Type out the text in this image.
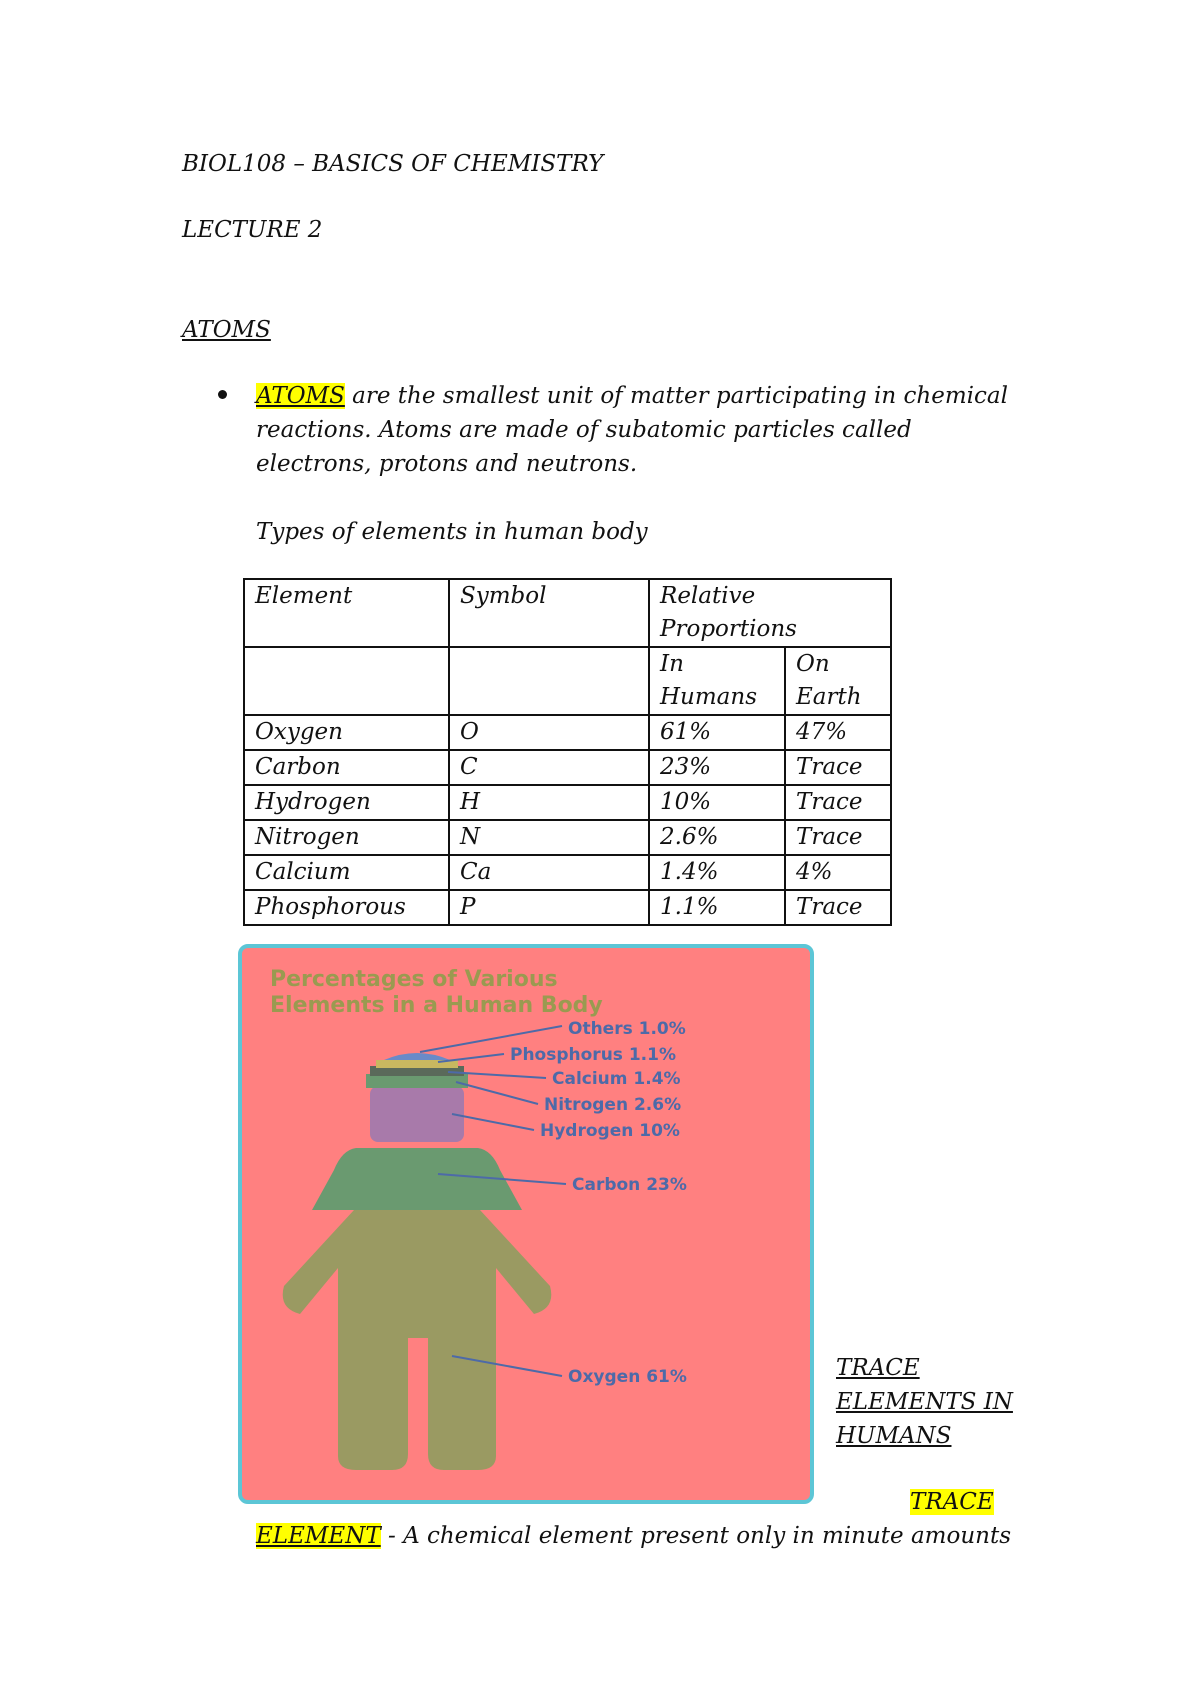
BIOL108 – BASICS OF CHEMISTRY
LECTURE 2
ATOMS
ATOMS are the smallest unit of matter participating in chemical
reactions. Atoms are made of subatomic particles called
electrons, protons and neutrons.
Types of elements in human body
Element	Symbol	Relative Proportions	
		In Humans	On Earth
Oxygen	O	61%	47%
Carbon	C	23%	Trace
Hydrogen	H	10%	Trace
Nitrogen	N	2.6%	Trace
Calcium	Ca	1.4%	4%
Phosphorous	P	1.1%	Trace
Percentages of Various
Elements in a Human Body
Others 1.0%
Phosphorus 1.1%
Calcium 1.4%
Nitrogen 2.6%
Hydrogen 10%
Carbon 23%
Oxygen 61%	TRACE
ELEMENTS IN
HUMANS
TRACE
ELEMENT - A chemical element present only in minute amounts
